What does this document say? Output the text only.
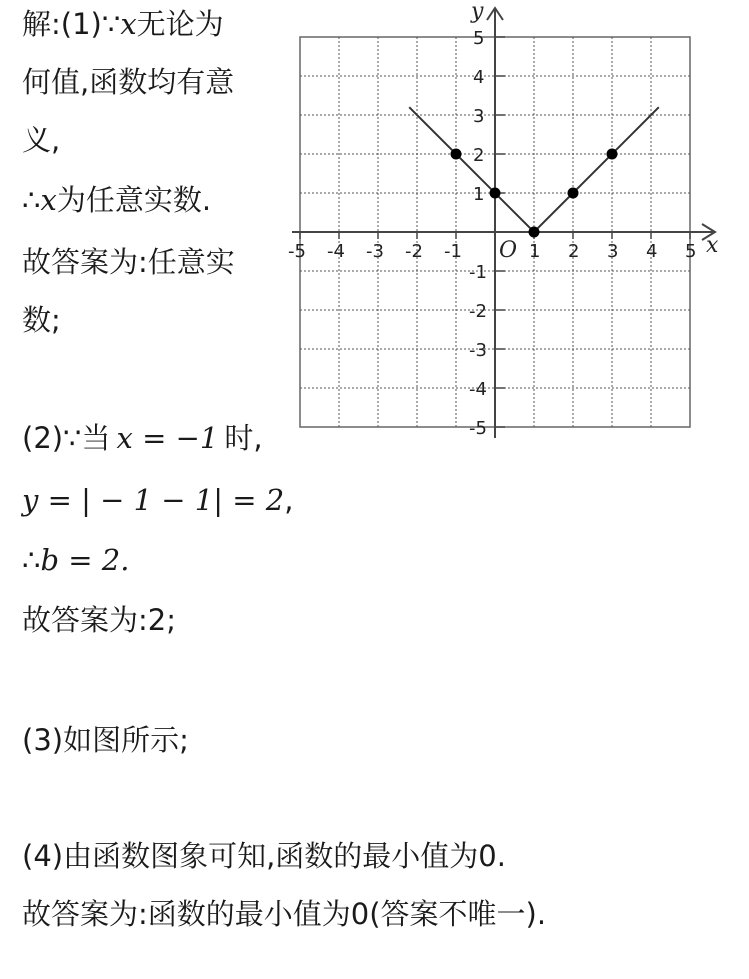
解:(1)∵x无论为
何值,函数均有意
义,
∴x为任意实数.
故答案为:任意实
数;
(2)∵当 x = −1 时,
y = | − 1 − 1| = 2,
∴b = 2.
故答案为:2;
(3)如图所示;
(4)由函数图象可知,函数的最小值为0.
故答案为:函数的最小值为0(答案不唯一).
x
y
-5 -4 -3 -2 -1	1 2 3 4 5
5
4
3
2
1
-1
-2
-3
-4
-5
O
